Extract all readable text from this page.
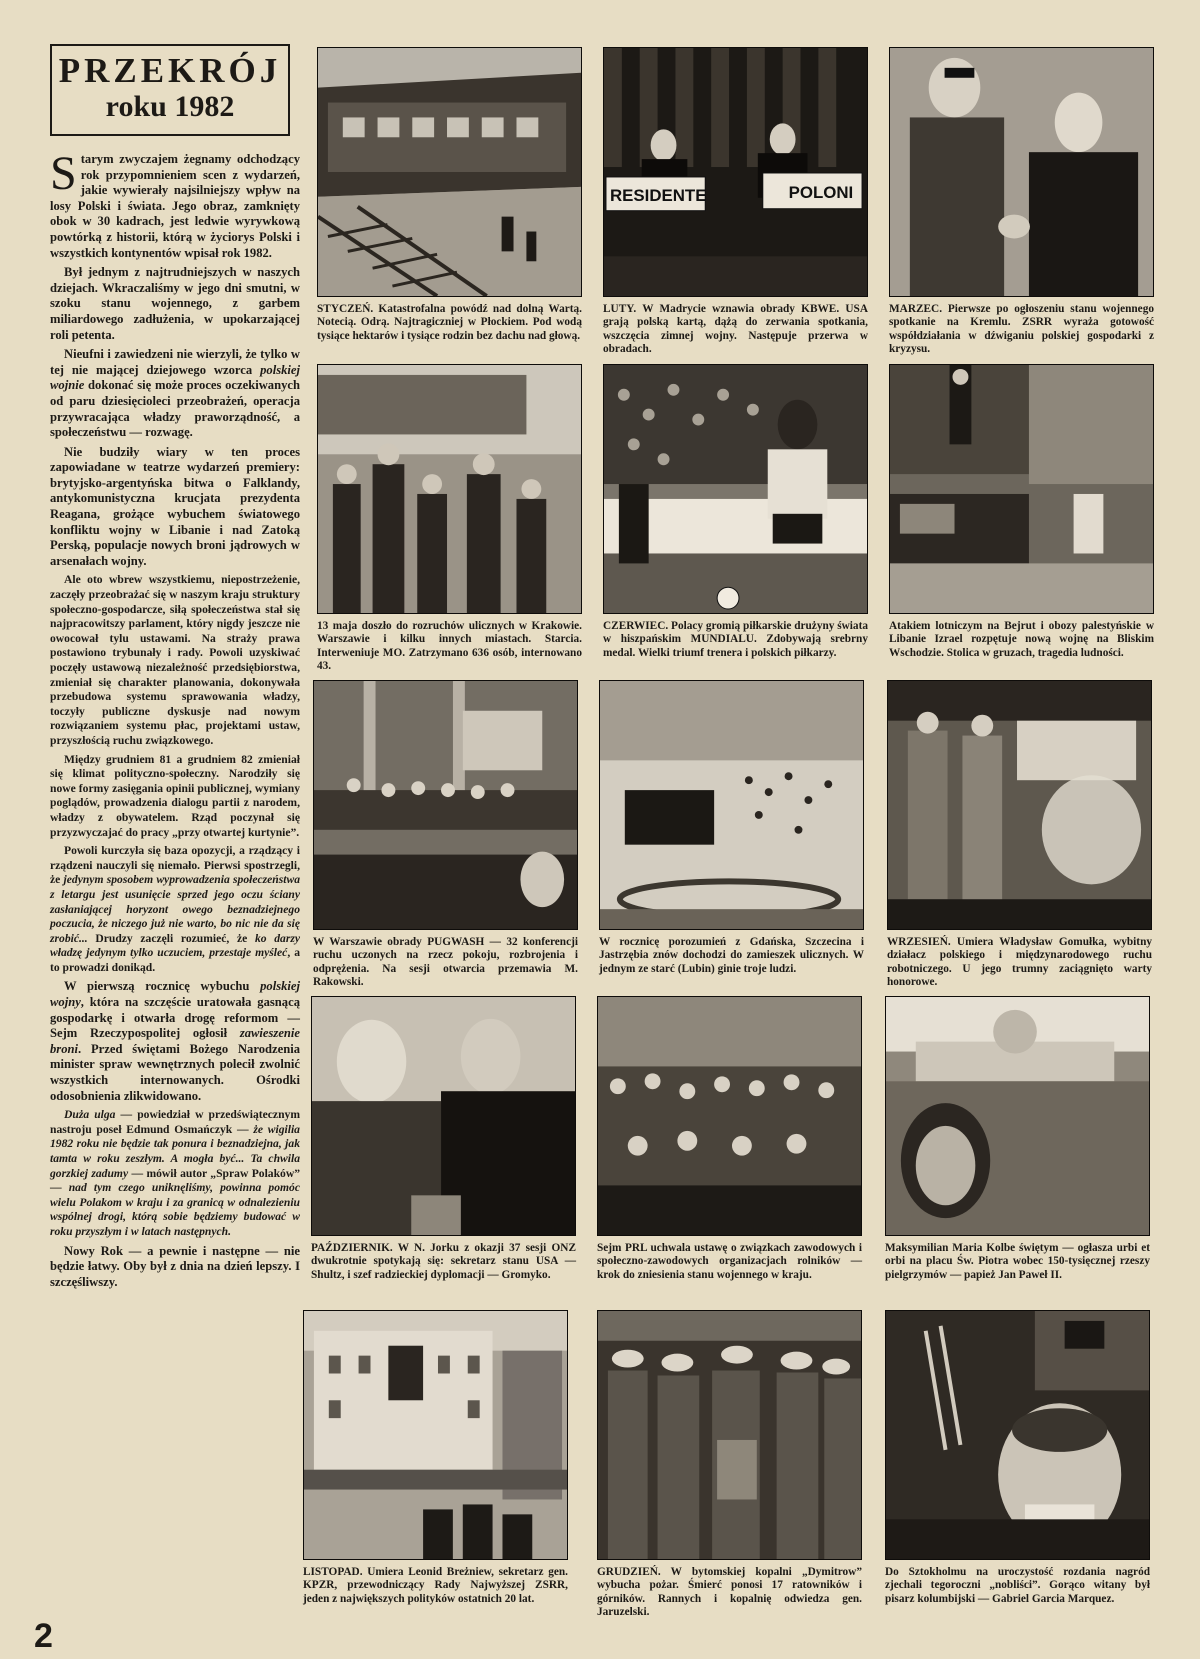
PRZEKRÓJ
roku 1982

Starym zwyczajem żegnamy odchodzący rok przypomnieniem scen z wydarzeń, jakie wywierały najsilniejszy wpływ na losy Polski i świata. Jego obraz, zamknięty obok w 30 kadrach, jest ledwie wyrywkową powtórką z historii, którą w życiorys Polski i wszystkich kontynentów wpisał rok 1982.

Był jednym z najtrudniejszych w naszych dziejach. Wkraczaliśmy w jego dni smutni, w szoku stanu wojennego, z garbem miliardowego zadłużenia, w upokarzającej roli petenta.

Nieufni i zawiedzeni nie wierzyli, że tylko w tej nie mającej dziejowego wzorca polskiej wojnie dokonać się może proces oczekiwanych od paru dziesięcioleci przeobrażeń, operacja przywracająca władzy praworządność, a społeczeństwu — rozwagę.

Nie budziły wiary w ten proces zapowiadane w teatrze wydarzeń premiery: brytyjsko-argentyńska bitwa o Falklandy, antykomunistyczna krucjata prezydenta Reagana, grożące wybuchem światowego konfliktu wojny w Libanie i nad Zatoką Perską, populacje nowych broni jądrowych w arsenałach wojny.

Ale oto wbrew wszystkiemu, niepostrzeżenie, zaczęły przeobrażać się w naszym kraju struktury społeczno-gospodarcze, siłą społeczeństwa stał się najpracowitszy parlament, który nigdy jeszcze nie owocował tylu ustawami. Na straży prawa postawiono trybunały i rady. Powoli uzyskiwać poczęły ustawową niezależność przedsiębiorstwa, zmieniał się charakter planowania, dokonywała przebudowa systemu sprawowania władzy, toczyły publiczne dyskusje nad nowym rozwiązaniem systemu płac, projektami ustaw, przyszłością ruchu związkowego.

Między grudniem 81 a grudniem 82 zmieniał się klimat polityczno-społeczny. Narodziły się nowe formy zasięgania opinii publicznej, wymiany poglądów, prowadzenia dialogu partii z narodem, władzy z obywatelem. Rząd poczynał się przyzwyczajać do pracy „przy otwartej kurtynie”.

Powoli kurczyła się baza opozycji, a rządzący i rządzeni nauczyli się niemało. Pierwsi spostrzegli, że jedynym sposobem wyprowadzenia społeczeństwa z letargu jest usunięcie sprzed jego oczu ściany zasłaniającej horyzont owego beznadziejnego poczucia, że niczego już nie warto, bo nic nie da się zrobić... Drudzy zaczęli rozumieć, że ko darzy władzę jedynym tylko uczuciem, przestaje myśleć, a to prowadzi donikąd.

W pierwszą rocznicę wybuchu polskiej wojny, która na szczęście uratowała gasnącą gospodarkę i otwarła drogę reformom — Sejm Rzeczypospolitej ogłosił zawieszenie broni. Przed świętami Bożego Narodzenia minister spraw wewnętrznych polecił zwolnić wszystkich internowanych. Ośrodki odosobnienia zlikwidowano.

Duża ulga — powiedział w przedświątecznym nastroju poseł Edmund Osmańczyk — że wigilia 1982 roku nie będzie tak ponura i beznadziejna, jak tamta w roku zeszłym. A mogła być... Ta chwila gorzkiej zadumy — mówił autor „Spraw Polaków” — nad tym czego uniknęliśmy, powinna pomóc wielu Polakom w kraju i za granicą w odnalezieniu wspólnej drogi, którą sobie będziemy budować w roku przyszłym i w latach następnych.

Nowy Rok — a pewnie i następne — nie będzie łatwy. Oby był z dnia na dzień lepszy. I szczęśliwszy.

STYCZEŃ. Katastrofalna powódź nad dolną Wartą. Notecią. Odrą. Najtragiczniej w Płockiem. Pod wodą tysiące hektarów i tysiące rodzin bez dachu nad głową.
RESIDENTE	POLONI
LUTY. W Madrycie wznawia obrady KBWE. USA grają polską kartą, dążą do zerwania spotkania, wszczęcia zimnej wojny. Następuje przerwa w obradach.
MARZEC. Pierwsze po ogłoszeniu stanu wojennego spotkanie na Kremlu. ZSRR wyraża gotowość współdziałania w dźwiganiu polskiej gospodarki z kryzysu.
13 maja doszło do rozruchów ulicznych w Krakowie. Warszawie i kilku innych miastach. Starcia. Interweniuje MO. Zatrzymano 636 osób, internowano 43.
CZERWIEC. Polacy gromią piłkarskie drużyny świata w hiszpańskim MUNDIALU. Zdobywają srebrny medal. Wielki triumf trenera i polskich piłkarzy.
Atakiem lotniczym na Bejrut i obozy palestyńskie w Libanie Izrael rozpętuje nową wojnę na Bliskim Wschodzie. Stolica w gruzach, tragedia ludności.
W Warszawie obrady PUGWASH — 32 konferencji ruchu uczonych na rzecz pokoju, rozbrojenia i odprężenia. Na sesji otwarcia przemawia M. Rakowski.
W rocznicę porozumień z Gdańska, Szczecina i Jastrzębia znów dochodzi do zamieszek ulicznych. W jednym ze starć (Lubin) ginie troje ludzi.
WRZESIEŃ. Umiera Władysław Gomułka, wybitny działacz polskiego i międzynarodowego ruchu robotniczego. U jego trumny zaciągnięto warty honorowe.
PAŹDZIERNIK. W N. Jorku z okazji 37 sesji ONZ dwukrotnie spotykają się: sekretarz stanu USA — Shultz, i szef radzieckiej dyplomacji — Gromyko.
Sejm PRL uchwala ustawę o związkach zawodowych i społeczno-zawodowych organizacjach rolników — krok do zniesienia stanu wojennego w kraju.
Maksymilian Maria Kolbe świętym — ogłasza urbi et orbi na placu Św. Piotra wobec 150-tysięcznej rzeszy pielgrzymów — papież Jan Paweł II.
LISTOPAD. Umiera Leonid Breżniew, sekretarz gen. KPZR, przewodniczący Rady Najwyższej ZSRR, jeden z największych polityków ostatnich 20 lat.
GRUDZIEŃ. W bytomskiej kopalni „Dymitrow” wybucha pożar. Śmierć ponosi 17 ratowników i górników. Rannych i kopalnię odwiedza gen. Jaruzelski.
Do Sztokholmu na uroczystość rozdania nagród zjechali tegoroczni „nobliści”. Gorąco witany był pisarz kolumbijski — Gabriel Garcia Marquez.
2
